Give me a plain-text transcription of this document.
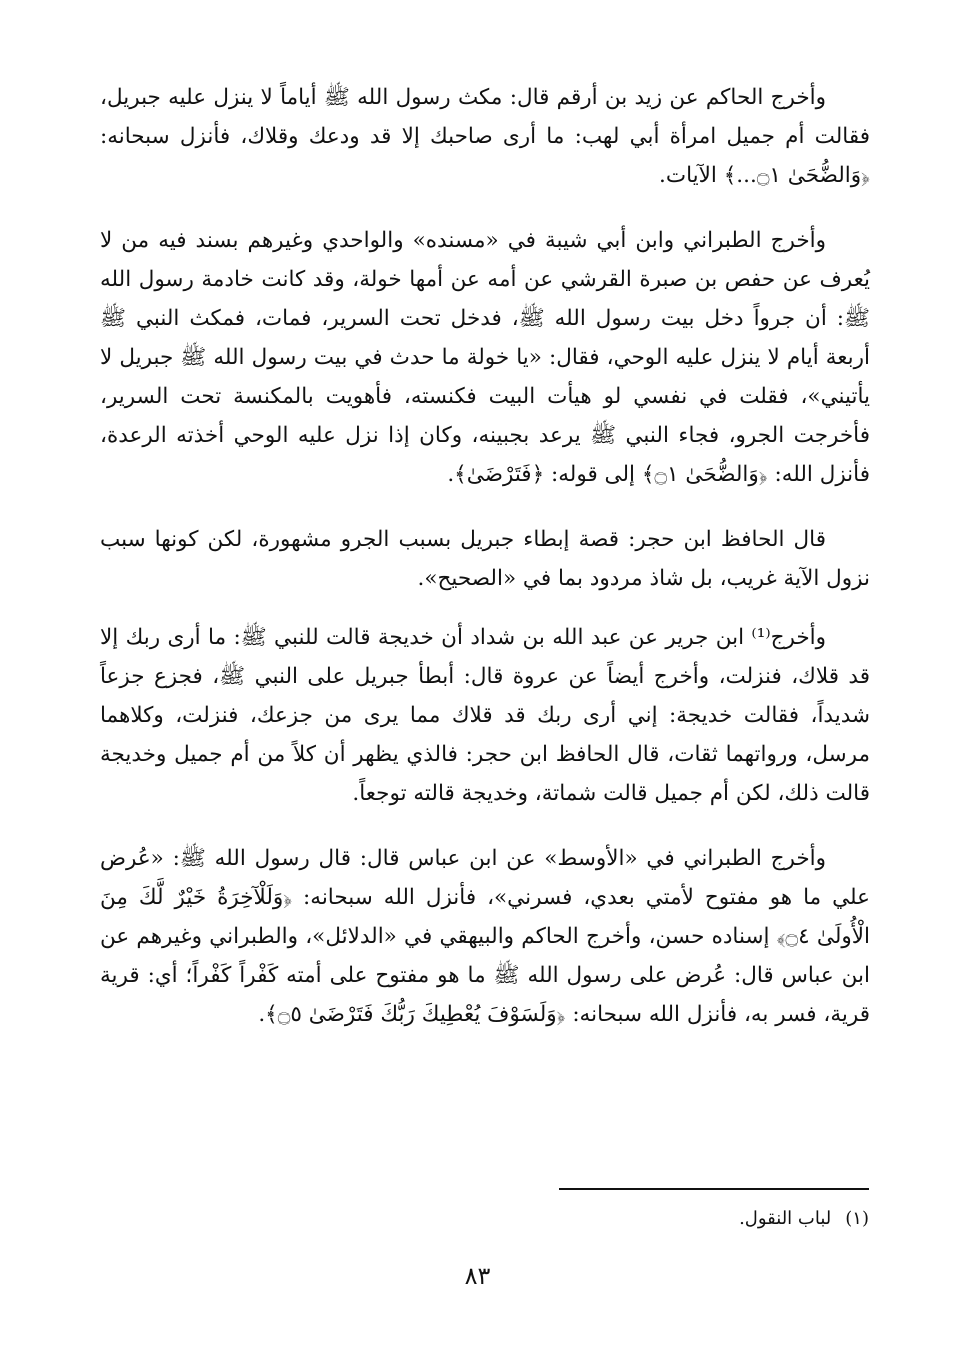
وأخرج الحاكم عن زيد بن أرقم قال: مكث رسول الله ﷺ أياماً لا ينزل عليه جبريل، فقالت أم جميل امرأة أبي لهب: ما أرى صاحبك إلا قد ودعك وقلاك، فأنزل سبحانه: ﴿وَالضُّحَىٰ ۝١...﴾ الآيات.

وأخرج الطبراني وابن أبي شيبة في «مسنده» والواحدي وغيرهم بسند فيه من لا يُعرف عن حفص بن صبرة القرشي عن أمه عن أمها خولة، وقد كانت خادمة رسول الله ﷺ: أن جرواً دخل بيت رسول الله ﷺ، فدخل تحت السرير، فمات، فمكث النبي ﷺ أربعة أيام لا ينزل عليه الوحي، فقال: «يا خولة ما حدث في بيت رسول الله ﷺ جبريل لا يأتيني»، فقلت في نفسي لو هيأت البيت فكنسته، فأهويت بالمكنسة تحت السرير، فأخرجت الجرو، فجاء النبي ﷺ يرعد بجبينه، وكان إذا نزل عليه الوحي أخذته الرعدة، فأنزل الله: ﴿وَالضُّحَىٰ ۝١﴾ إلى قوله: ﴿فَتَرْضَىٰ﴾.

قال الحافظ ابن حجر: قصة إبطاء جبريل بسبب الجرو مشهورة، لكن كونها سبب نزول الآية غريب، بل شاذ مردود بما في «الصحيح».

وأخرج⁽¹⁾ ابن جرير عن عبد الله بن شداد أن خديجة قالت للنبي ﷺ: ما أرى ربك إلا قد قلاك، فنزلت، وأخرج أيضاً عن عروة قال: أبطأ جبريل على النبي ﷺ، فجزع جزعاً شديداً، فقالت خديجة: إني أرى ربك قد قلاك مما يرى من جزعك، فنزلت، وكلاهما مرسل، ورواتهما ثقات، قال الحافظ ابن حجر: فالذي يظهر أن كلاً من أم جميل وخديجة قالت ذلك، لكن أم جميل قالت شماتة، وخديجة قالته توجعاً.

وأخرج الطبراني في «الأوسط» عن ابن عباس قال: قال رسول الله ﷺ: «عُرض علي ما هو مفتوح لأمتي بعدي، فسرني»، فأنزل الله سبحانه: ﴿وَلَلْآخِرَةُ خَيْرٌ لَّكَ مِنَ الْأُولَىٰ ۝٤﴾ إسناده حسن، وأخرج الحاكم والبيهقي في «الدلائل»، والطبراني وغيرهم عن ابن عباس قال: عُرض على رسول الله ﷺ ما هو مفتوح على أمته كَفْراً كَفْراً؛ أي: قرية قرية، فسر به، فأنزل الله سبحانه: ﴿وَلَسَوْفَ يُعْطِيكَ رَبُّكَ فَتَرْضَىٰ ۝٥﴾.

(١)لباب النقول.
٨٣
